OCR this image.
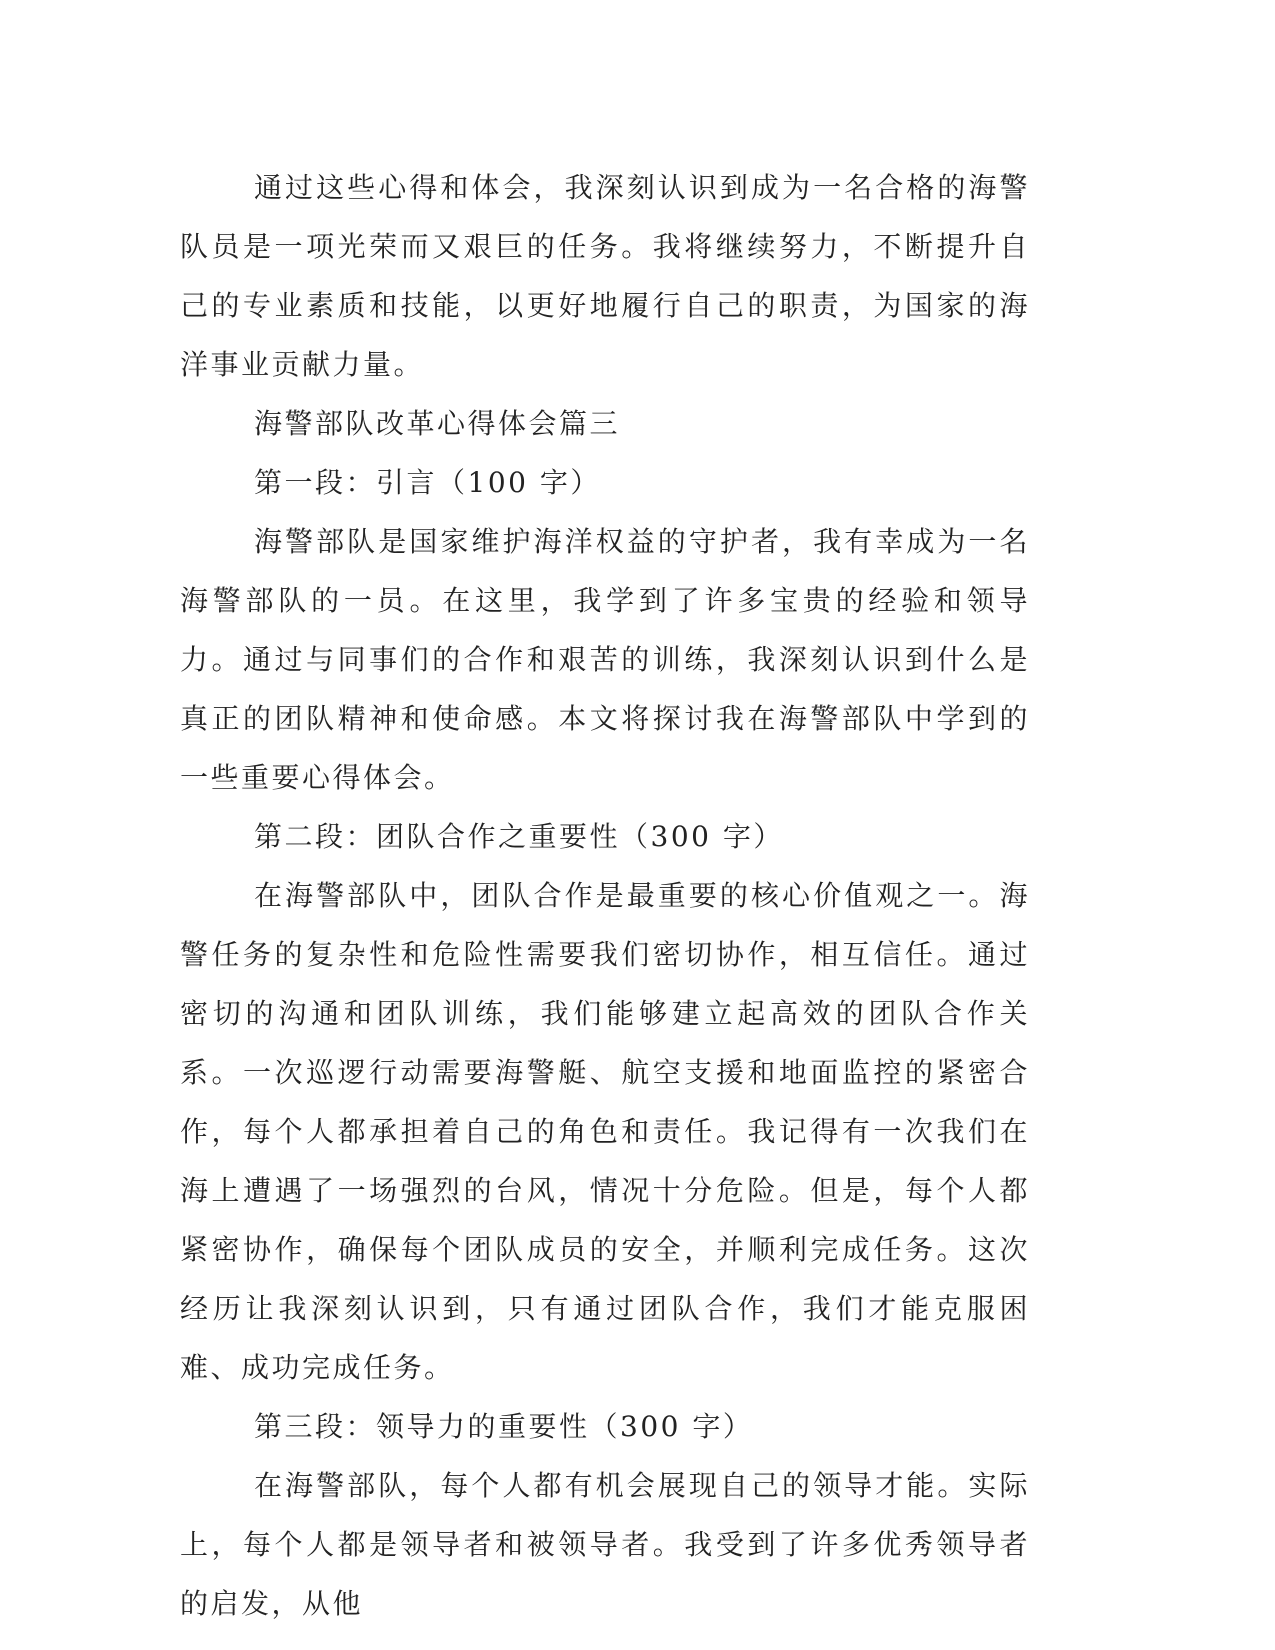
通过这些心得和体会，我深刻认识到成为一名合格的海警队员是一项光荣而又艰巨的任务。我将继续努力，不断提升自己的专业素质和技能，以更好地履行自己的职责，为国家的海洋事业贡献力量。

海警部队改革心得体会篇三

第一段：引言（100 字）

海警部队是国家维护海洋权益的守护者，我有幸成为一名海警部队的一员。在这里，我学到了许多宝贵的经验和领导力。通过与同事们的合作和艰苦的训练，我深刻认识到什么是真正的团队精神和使命感。本文将探讨我在海警部队中学到的一些重要心得体会。

第二段：团队合作之重要性（300 字）

在海警部队中，团队合作是最重要的核心价值观之一。海警任务的复杂性和危险性需要我们密切协作，相互信任。通过密切的沟通和团队训练，我们能够建立起高效的团队合作关系。一次巡逻行动需要海警艇、航空支援和地面监控的紧密合作，每个人都承担着自己的角色和责任。我记得有一次我们在海上遭遇了一场强烈的台风，情况十分危险。但是，每个人都紧密协作，确保每个团队成员的安全，并顺利完成任务。这次经历让我深刻认识到，只有通过团队合作，我们才能克服困难、成功完成任务。

第三段：领导力的重要性（300 字）

在海警部队，每个人都有机会展现自己的领导才能。实际上，每个人都是领导者和被领导者。我受到了许多优秀领导者的启发，从他
